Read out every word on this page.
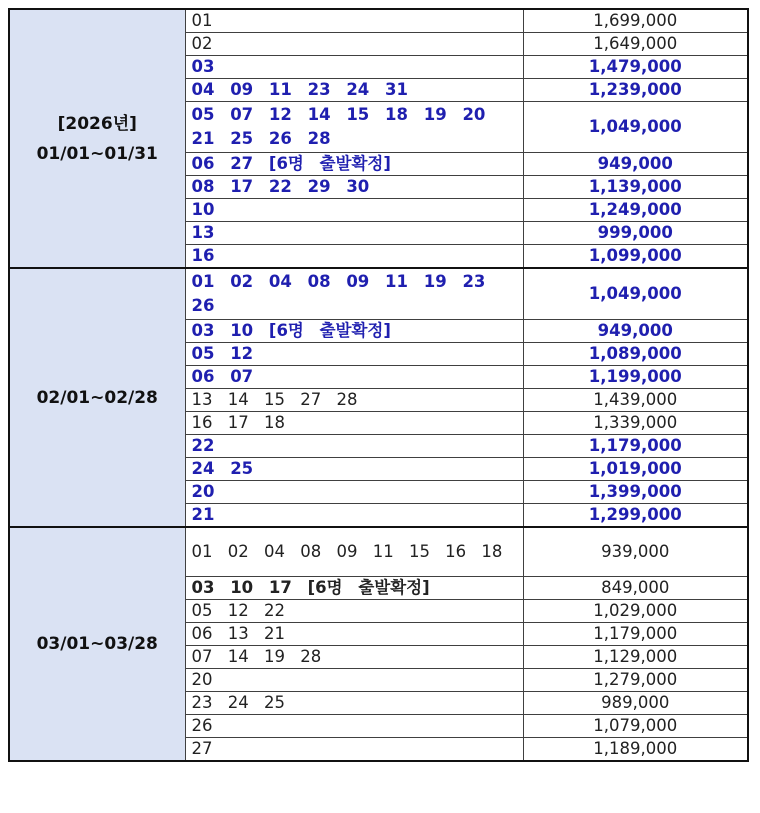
[2026년]
01/01~01/31	01	1,699,000
	02	1,649,000
	03	1,479,000
	04 09 11 23 24 31	1,239,000
	05 07 12 14 15 18 19 20 21 25 26 28	1,049,000
	06 27 [6명 출발확정]	949,000
	08 17 22 29 30	1,139,000
	10	1,249,000
	13	999,000
	16	1,099,000

02/01~02/28	01 02 04 08 09 11 19 23 26	1,049,000
	03 10 [6명 출발확정]	949,000
	05 12	1,089,000
	06 07	1,199,000
	13 14 15 27 28	1,439,000
	16 17 18	1,339,000
	22	1,179,000
	24 25	1,019,000
	20	1,399,000
	21	1,299,000

03/01~03/28	01 02 04 08 09 11 15 16 18	939,000
	03 10 17 [6명 출발확정]	849,000
	05 12 22	1,029,000
	06 13 21	1,179,000
	07 14 19 28	1,129,000
	20	1,279,000
	23 24 25	989,000
	26	1,079,000
	27	1,189,000
